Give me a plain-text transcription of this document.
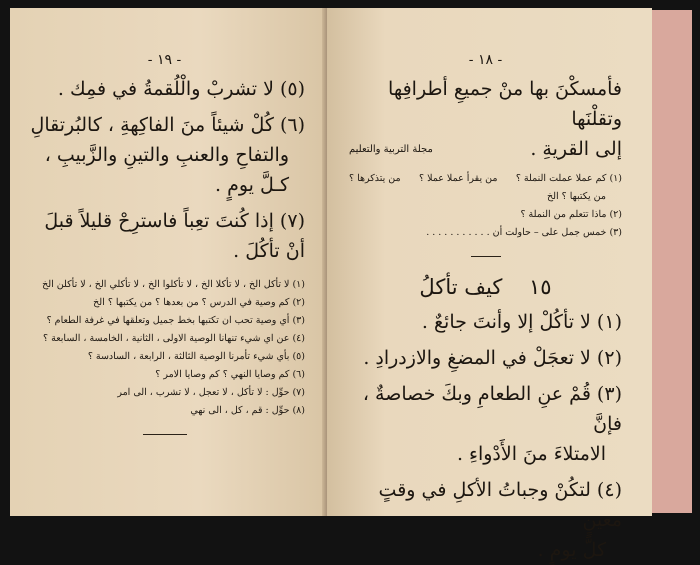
- ١٩ -

(٥) لا تشربْ والْلُقمةُ في فمِك .

(٦) كُلْ شيئاً منَ الفاكِهةِ ، كالبُرتقالِ

والتفاحِ والعنبِ والتينِ والزَّبيبِ ،

كـلَّ يومٍ .

(٧) إذا كُنتَ تعِباً فاسترِحْ قليلاً قبلَ

أنْ تأكُلَ .

(١) لا تأكل الخ ، لا تأكلا الخ ، لا تأكلوا الخ ، لا تأكلي الخ ، لا تأكلن الخ

(٢) كم وصية في الدرس ؟ من بعدها ؟ من يكتبها ؟ الخ

(٣) أي وصية تحب ان تكتبها بخط جميل وتعلقها في غرفة الطعام ؟

(٤) عن اي شيء تنهانا الوصية الاولى ، الثانية ، الخامسة ، السابعة ؟

(٥) بأي شيء تأمرنا الوصية الثالثة ، الرابعة ، السادسة ؟

(٦) كم وصايا النهي ؟ كم وصايا الامر ؟

(٧) حوِّل : لا تأكل ، لا تعجل ، لا تشرب ، الى امر

(٨) حوِّل : قم ، كل ، الى نهي

- ١٨ -

فأمسكْنَ بها منْ جميعِ أطرافِها وتقلْنَها

إلى القريةِ .

مجلة التربية والتعليم
(١) كم عملا عملت النملة ؟
من يقرأ عملا عملا ؟
من يتذكرها ؟

من يكتبها ؟ الخ

(٢) ماذا تتعلم من النملة ؟

(٣) خمس جمل على – حاولت أن . . . . . . . . . . .

١٥ كيف تأكلُ

(١) لا تأكُلْ إلا وأنتَ جائعٌ .

(٢) لا تعجَلْ في المضغِ والازدرادِ .

(٣) قُمْ عنِ الطعامِ وبكَ خصاصةٌ ، فإنَّ

الامتلاءَ منَ الأَدْواءِ .

(٤) لتكُنْ وجباتُ الأكلِ في وقتٍ معينٍ

كلَّ يومٍ .
